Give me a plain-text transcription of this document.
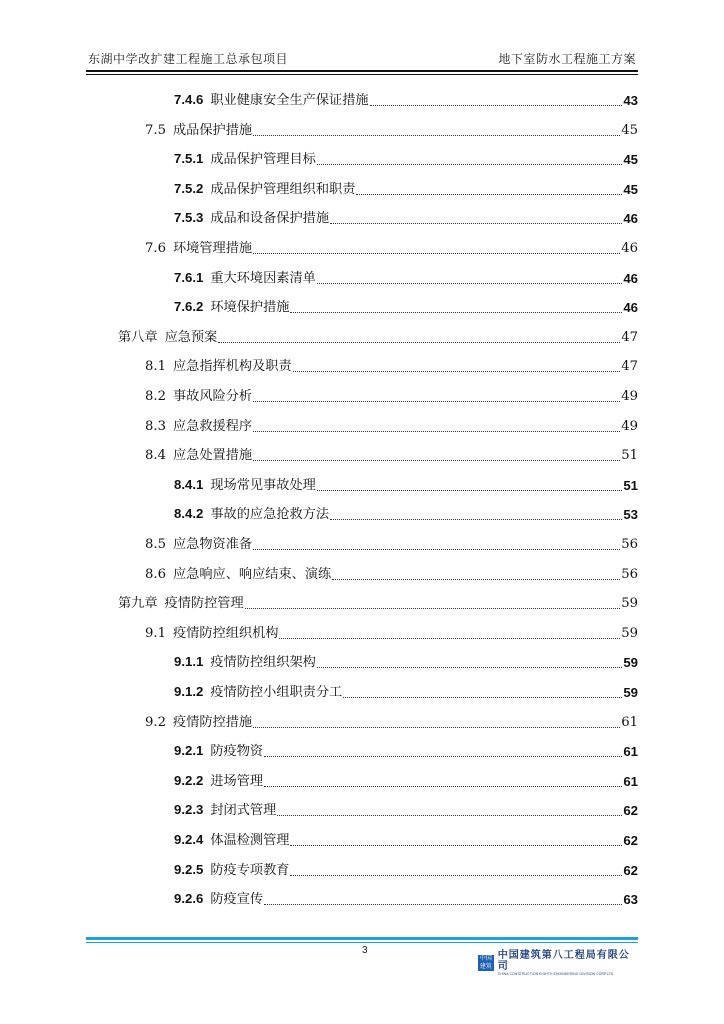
东湖中学改扩建工程施工总承包项目	地下室防水工程施工方案
7.4.6 职业健康安全生产保证措施	43
7.5 成品保护措施	45
7.5.1 成品保护管理目标	45
7.5.2 成品保护管理组织和职责	45
7.5.3 成品和设备保护措施	46
7.6 环境管理措施	46
7.6.1 重大环境因素清单	46
7.6.2 环境保护措施	46
第八章 应急预案	47
8.1 应急指挥机构及职责	47
8.2 事故风险分析	49
8.3 应急救援程序	49
8.4 应急处置措施	51
8.4.1 现场常见事故处理	51
8.4.2 事故的应急抢救方法	53
8.5 应急物资准备	56
8.6 应急响应、响应结束、演练	56
第九章 疫情防控管理	59
9.1 疫情防控组织机构	59
9.1.1 疫情防控组织架构	59
9.1.2 疫情防控小组职责分工	59
9.2 疫情防控措施	61
9.2.1 防疫物资	61
9.2.2 进场管理	61
9.2.3 封闭式管理	62
9.2.4 体温检测管理	62
9.2.5 防疫专项教育	62
9.2.6 防疫宣传	63
3
中国建筑
中国建筑第八工程局有限公司
CHINA CONSTRUCTION EIGHTH ENGINEERING DIVISION CORP.LTD
